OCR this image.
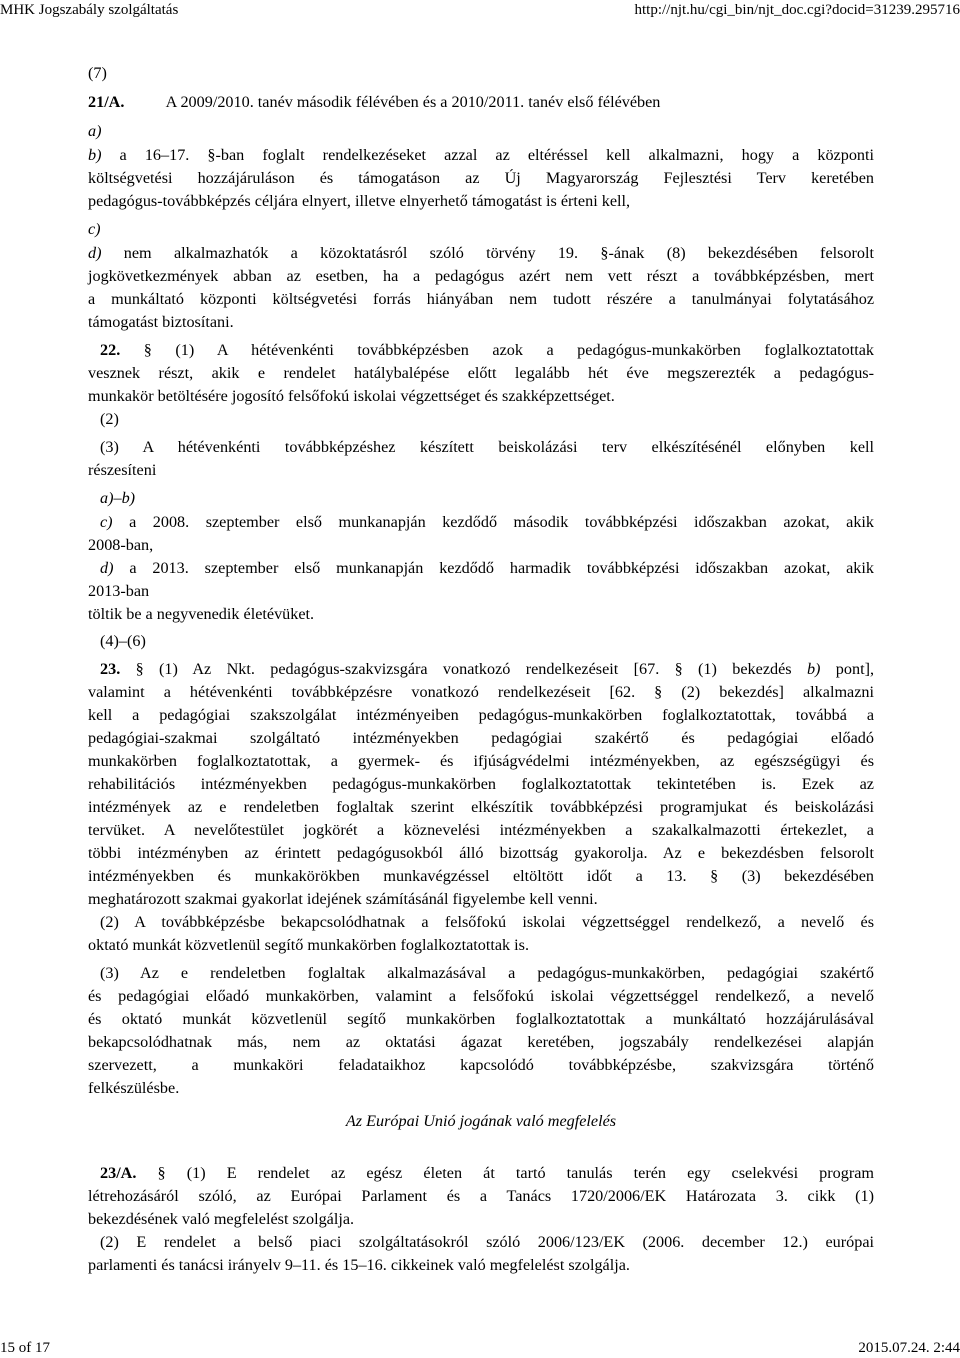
MHK Jogszabály szolgáltatás	http://njt.hu/cgi_bin/njt_doc.cgi?docid=31239.295716
(7)
21/A.	A 2009/2010. tanév második félévében és a 2010/2011. tanév első félévében
a)
b) a 16–17. §-ban foglalt rendelkezéseket azzal az eltéréssel kell alkalmazni, hogy a központi
költségvetési hozzájáruláson és támogatáson az Új Magyarország Fejlesztési Terv keretében
pedagógus-továbbképzés céljára elnyert, illetve elnyerhető támogatást is érteni kell,
c)
d) nem alkalmazhatók a közoktatásról szóló törvény 19. §-ának (8) bekezdésében felsorolt
jogkövetkezmények abban az esetben, ha a pedagógus azért nem vett részt a továbbképzésben, mert
a munkáltató központi költségvetési forrás hiányában nem tudott részére a tanulmányai folytatásához
támogatást biztosítani.
22. § (1) A hétévenkénti továbbképzésben azok a pedagógus-munkakörben foglalkoztatottak
vesznek részt, akik e rendelet hatálybalépése előtt legalább hét éve megszerezték a pedagógus-
munkakör betöltésére jogosító felsőfokú iskolai végzettséget és szakképzettséget.
(2)
(3) A hétévenkénti továbbképzéshez készített beiskolázási terv elkészítésénél előnyben kell
részesíteni
a)–b)
c) a 2008. szeptember első munkanapján kezdődő második továbbképzési időszakban azokat, akik
2008-ban,
d) a 2013. szeptember első munkanapján kezdődő harmadik továbbképzési időszakban azokat, akik
2013-ban
töltik be a negyvenedik életévüket.
(4)–(6)
23. § (1) Az Nkt. pedagógus-szakvizsgára vonatkozó rendelkezéseit [67. § (1) bekezdés b) pont],
valamint a hétévenkénti továbbképzésre vonatkozó rendelkezéseit [62. § (2) bekezdés] alkalmazni
kell a pedagógiai szakszolgálat intézményeiben pedagógus-munkakörben foglalkoztatottak, továbbá a
pedagógiai-szakmai szolgáltató intézményekben pedagógiai szakértő és pedagógiai előadó
munkakörben foglalkoztatottak, a gyermek- és ifjúságvédelmi intézményekben, az egészségügyi és
rehabilitációs intézményekben pedagógus-munkakörben foglalkoztatottak tekintetében is. Ezek az
intézmények az e rendeletben foglaltak szerint elkészítik továbbképzési programjukat és beiskolázási
tervüket. A nevelőtestület jogkörét a köznevelési intézményekben a szakalkalmazotti értekezlet, a
többi intézményben az érintett pedagógusokból álló bizottság gyakorolja. Az e bekezdésben felsorolt
intézményekben és munkakörökben munkavégzéssel eltöltött időt a 13. § (3) bekezdésében
meghatározott szakmai gyakorlat idejének számításánál figyelembe kell venni.
(2) A továbbképzésbe bekapcsolódhatnak a felsőfokú iskolai végzettséggel rendelkező, a nevelő és
oktató munkát közvetlenül segítő munkakörben foglalkoztatottak is.
(3) Az e rendeletben foglaltak alkalmazásával a pedagógus-munkakörben, pedagógiai szakértő
és pedagógiai előadó munkakörben, valamint a felsőfokú iskolai végzettséggel rendelkező, a nevelő
és oktató munkát közvetlenül segítő munkakörben foglalkoztatottak a munkáltató hozzájárulásával
bekapcsolódhatnak más, nem az oktatási ágazat keretében, jogszabály rendelkezései alapján
szervezett, a munkaköri feladataikhoz kapcsolódó továbbképzésbe, szakvizsgára történő
felkészülésbe.
Az Európai Unió jogának való megfelelés
23/A. § (1) E rendelet az egész életen át tartó tanulás terén egy cselekvési program
létrehozásáról szóló, az Európai Parlament és a Tanács 1720/2006/EK Határozata 3. cikk (1)
bekezdésének való megfelelést szolgálja.
(2) E rendelet a belső piaci szolgáltatásokról szóló 2006/123/EK (2006. december 12.) európai
parlamenti és tanácsi irányelv 9–11. és 15–16. cikkeinek való megfelelést szolgálja.
15 of 17	2015.07.24. 2:44
